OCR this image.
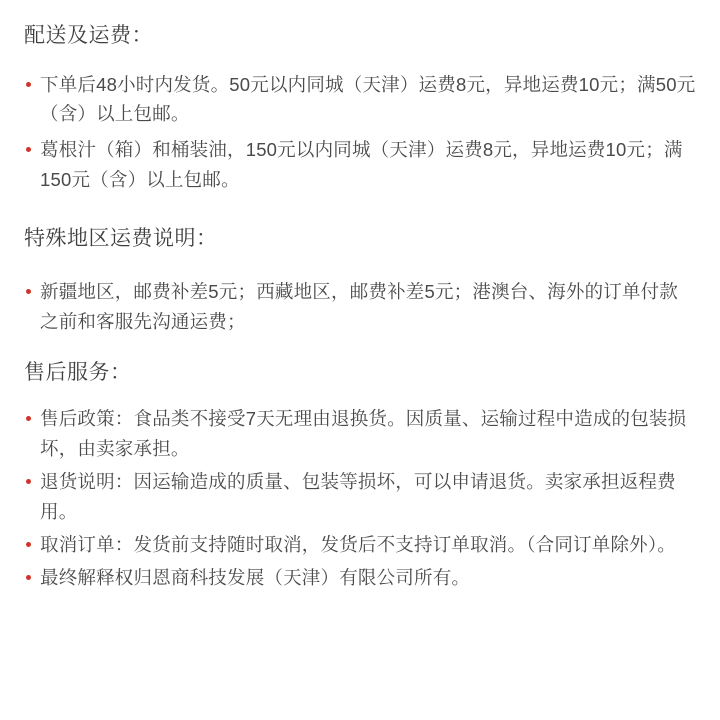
配送及运费：
下单后48小时内发货。50元以内同城（天津）运费8元，异地运费10元；满50元（含）以上包邮。
葛根汁（箱）和桶装油，150元以内同城（天津）运费8元，异地运费10元；满150元（含）以上包邮。
特殊地区运费说明：
新疆地区，邮费补差5元；西藏地区，邮费补差5元；港澳台、海外的订单付款之前和客服先沟通运费；
售后服务：
售后政策：食品类不接受7天无理由退换货。因质量、运输过程中造成的包装损坏，由卖家承担。
退货说明：因运输造成的质量、包装等损坏，可以申请退货。卖家承担返程费用。
取消订单：发货前支持随时取消，发货后不支持订单取消。（合同订单除外）。
最终解释权归恩商科技发展（天津）有限公司所有。
